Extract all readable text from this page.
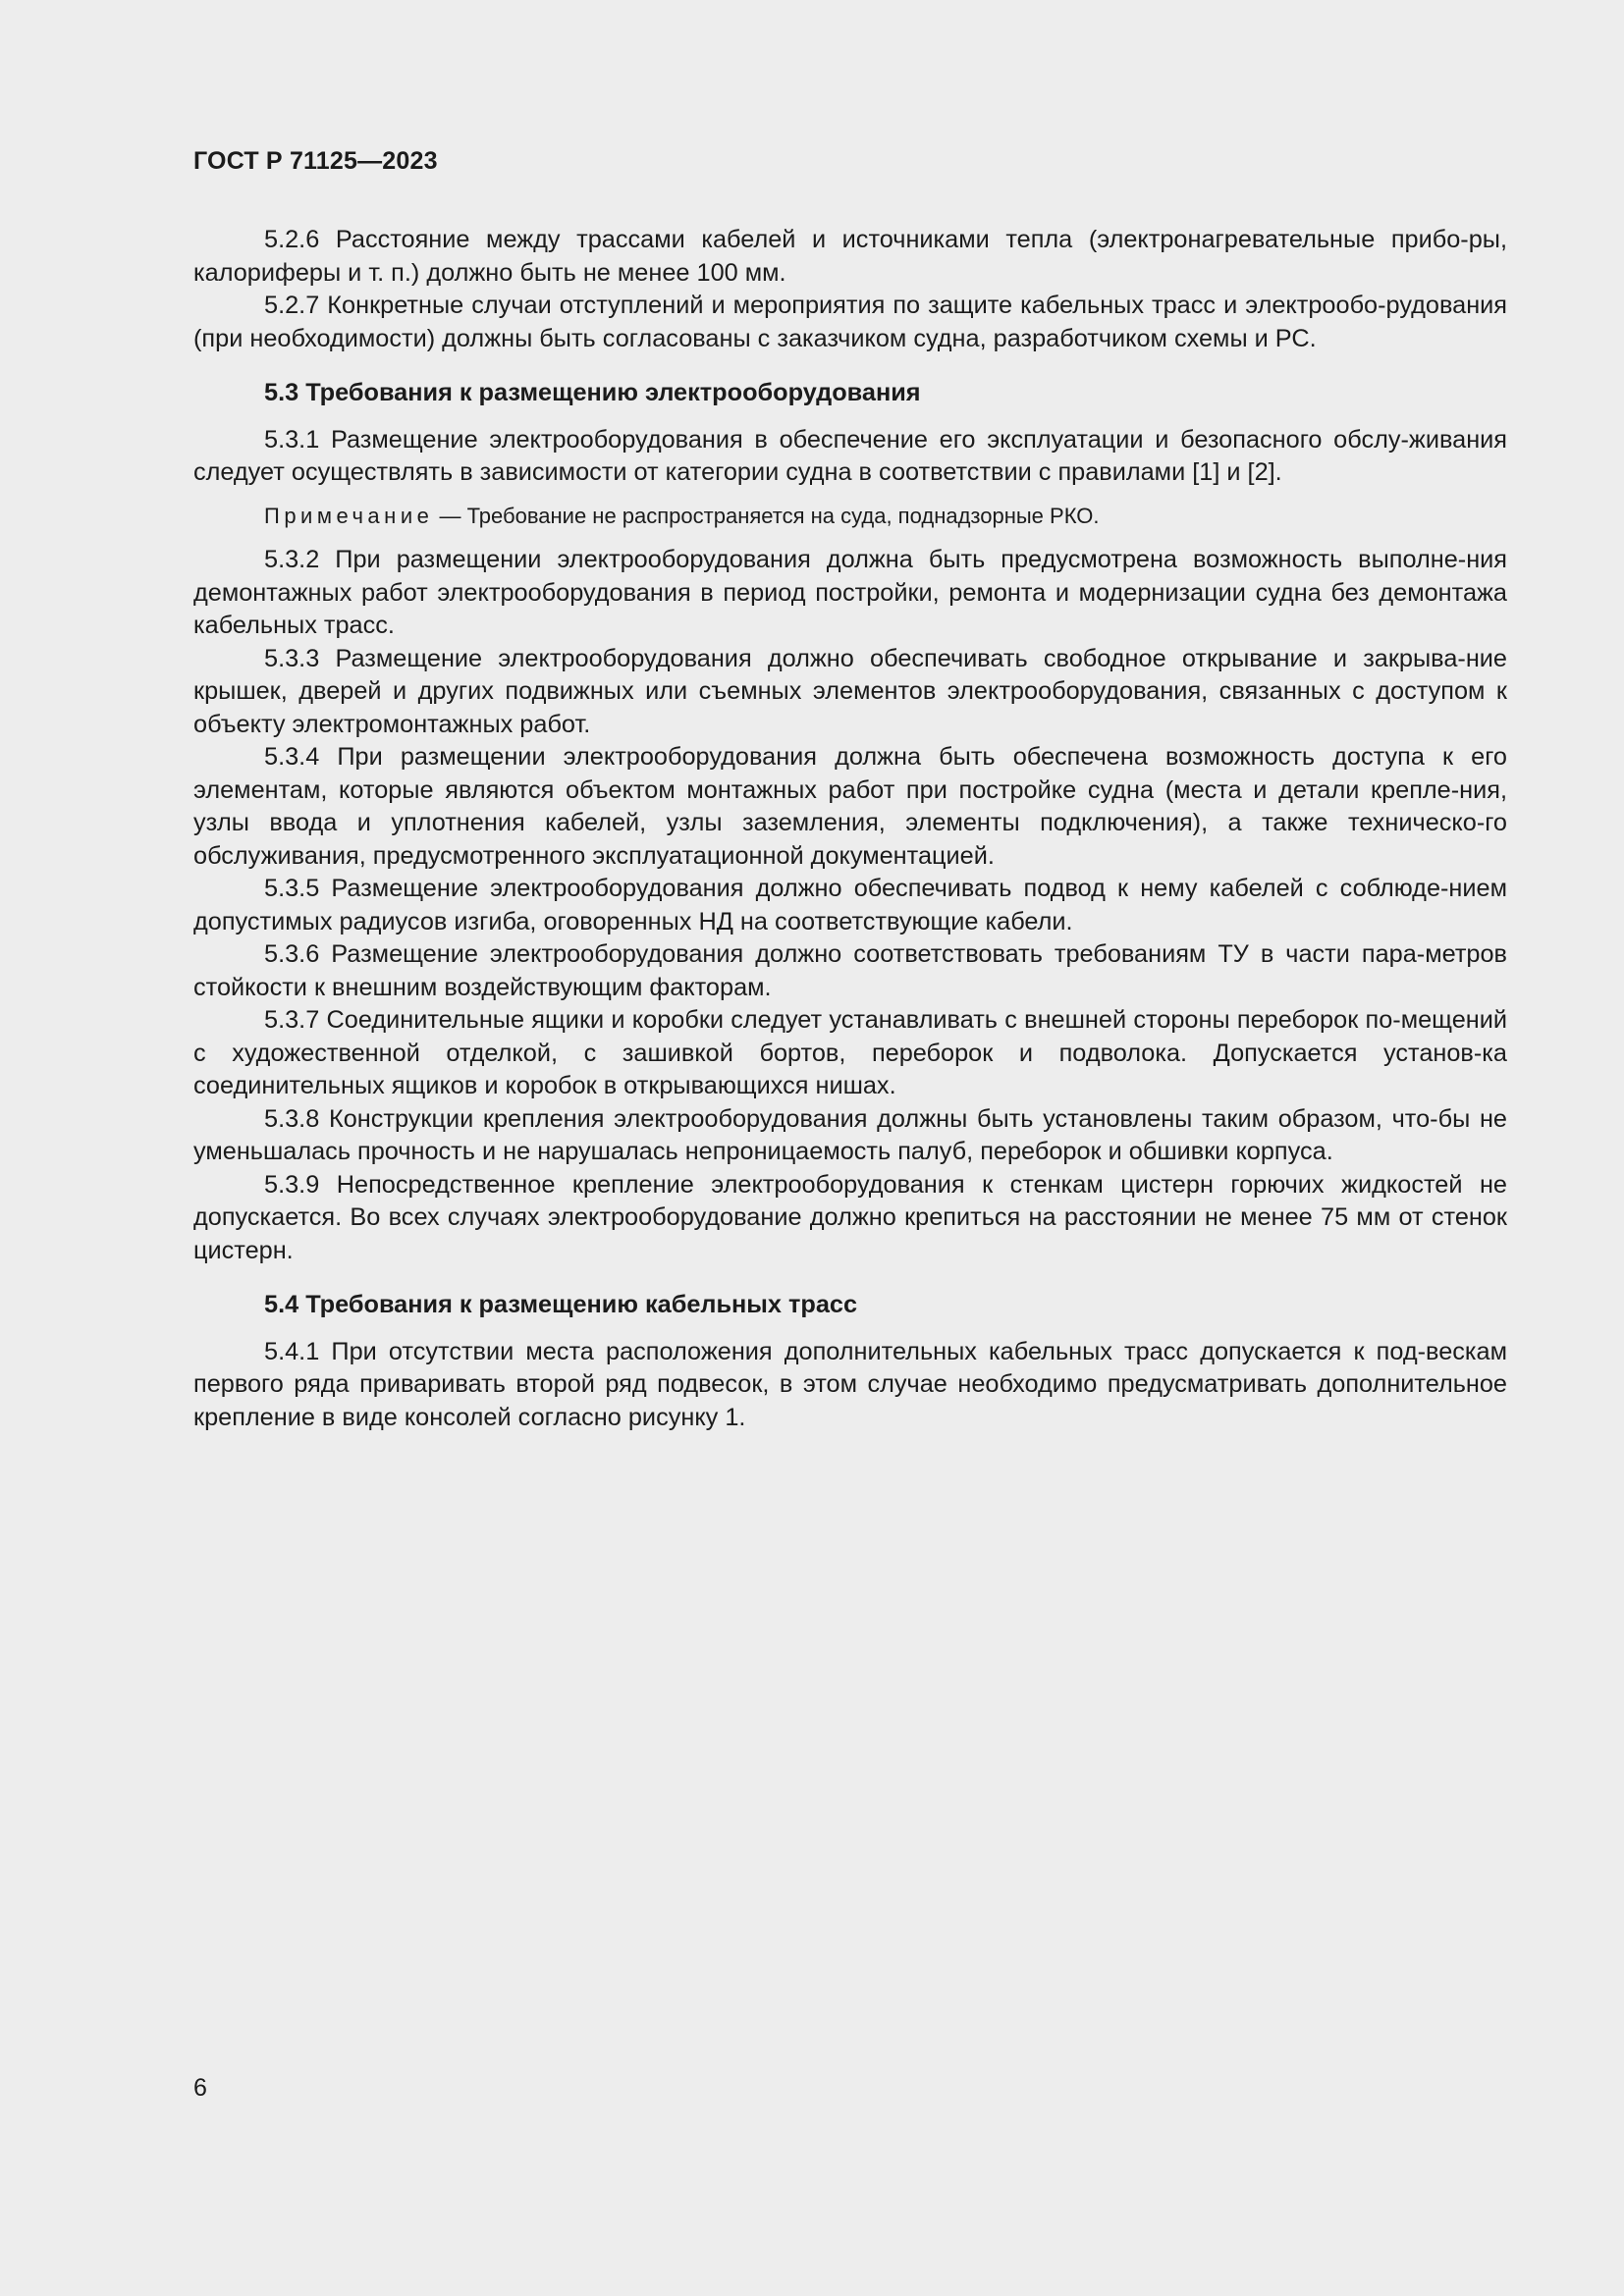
ГОСТ Р 71125—2023

5.2.6 Расстояние между трассами кабелей и источниками тепла (электронагревательные прибо-ры, калориферы и т. п.) должно быть не менее 100 мм.

5.2.7 Конкретные случаи отступлений и мероприятия по защите кабельных трасс и электрообо-рудования (при необходимости) должны быть согласованы с заказчиком судна, разработчиком схемы и РС.

5.3 Требования к размещению электрооборудования

5.3.1 Размещение электрооборудования в обеспечение его эксплуатации и безопасного обслу-живания следует осуществлять в зависимости от категории судна в соответствии с правилами [1] и [2].

Примечание — Требование не распространяется на суда, поднадзорные РКО.

5.3.2 При размещении электрооборудования должна быть предусмотрена возможность выполне-ния демонтажных работ электрооборудования в период постройки, ремонта и модернизации судна без демонтажа кабельных трасс.

5.3.3 Размещение электрооборудования должно обеспечивать свободное открывание и закрыва-ние крышек, дверей и других подвижных или съемных элементов электрооборудования, связанных с доступом к объекту электромонтажных работ.

5.3.4 При размещении электрооборудования должна быть обеспечена возможность доступа к его элементам, которые являются объектом монтажных работ при постройке судна (места и детали крепле-ния, узлы ввода и уплотнения кабелей, узлы заземления, элементы подключения), а также техническо-го обслуживания, предусмотренного эксплуатационной документацией.

5.3.5 Размещение электрооборудования должно обеспечивать подвод к нему кабелей с соблюде-нием допустимых радиусов изгиба, оговоренных НД на соответствующие кабели.

5.3.6 Размещение электрооборудования должно соответствовать требованиям ТУ в части пара-метров стойкости к внешним воздействующим факторам.

5.3.7 Соединительные ящики и коробки следует устанавливать с внешней стороны переборок по-мещений с художественной отделкой, с зашивкой бортов, переборок и подволока. Допускается установ-ка соединительных ящиков и коробок в открывающихся нишах.

5.3.8 Конструкции крепления электрооборудования должны быть установлены таким образом, что-бы не уменьшалась прочность и не нарушалась непроницаемость палуб, переборок и обшивки корпуса.

5.3.9 Непосредственное крепление электрооборудования к стенкам цистерн горючих жидкостей не допускается. Во всех случаях электрооборудование должно крепиться на расстоянии не менее 75 мм от стенок цистерн.

5.4 Требования к размещению кабельных трасс

5.4.1 При отсутствии места расположения дополнительных кабельных трасс допускается к под-вескам первого ряда приваривать второй ряд подвесок, в этом случае необходимо предусматривать дополнительное крепление в виде консолей согласно рисунку 1.

6
